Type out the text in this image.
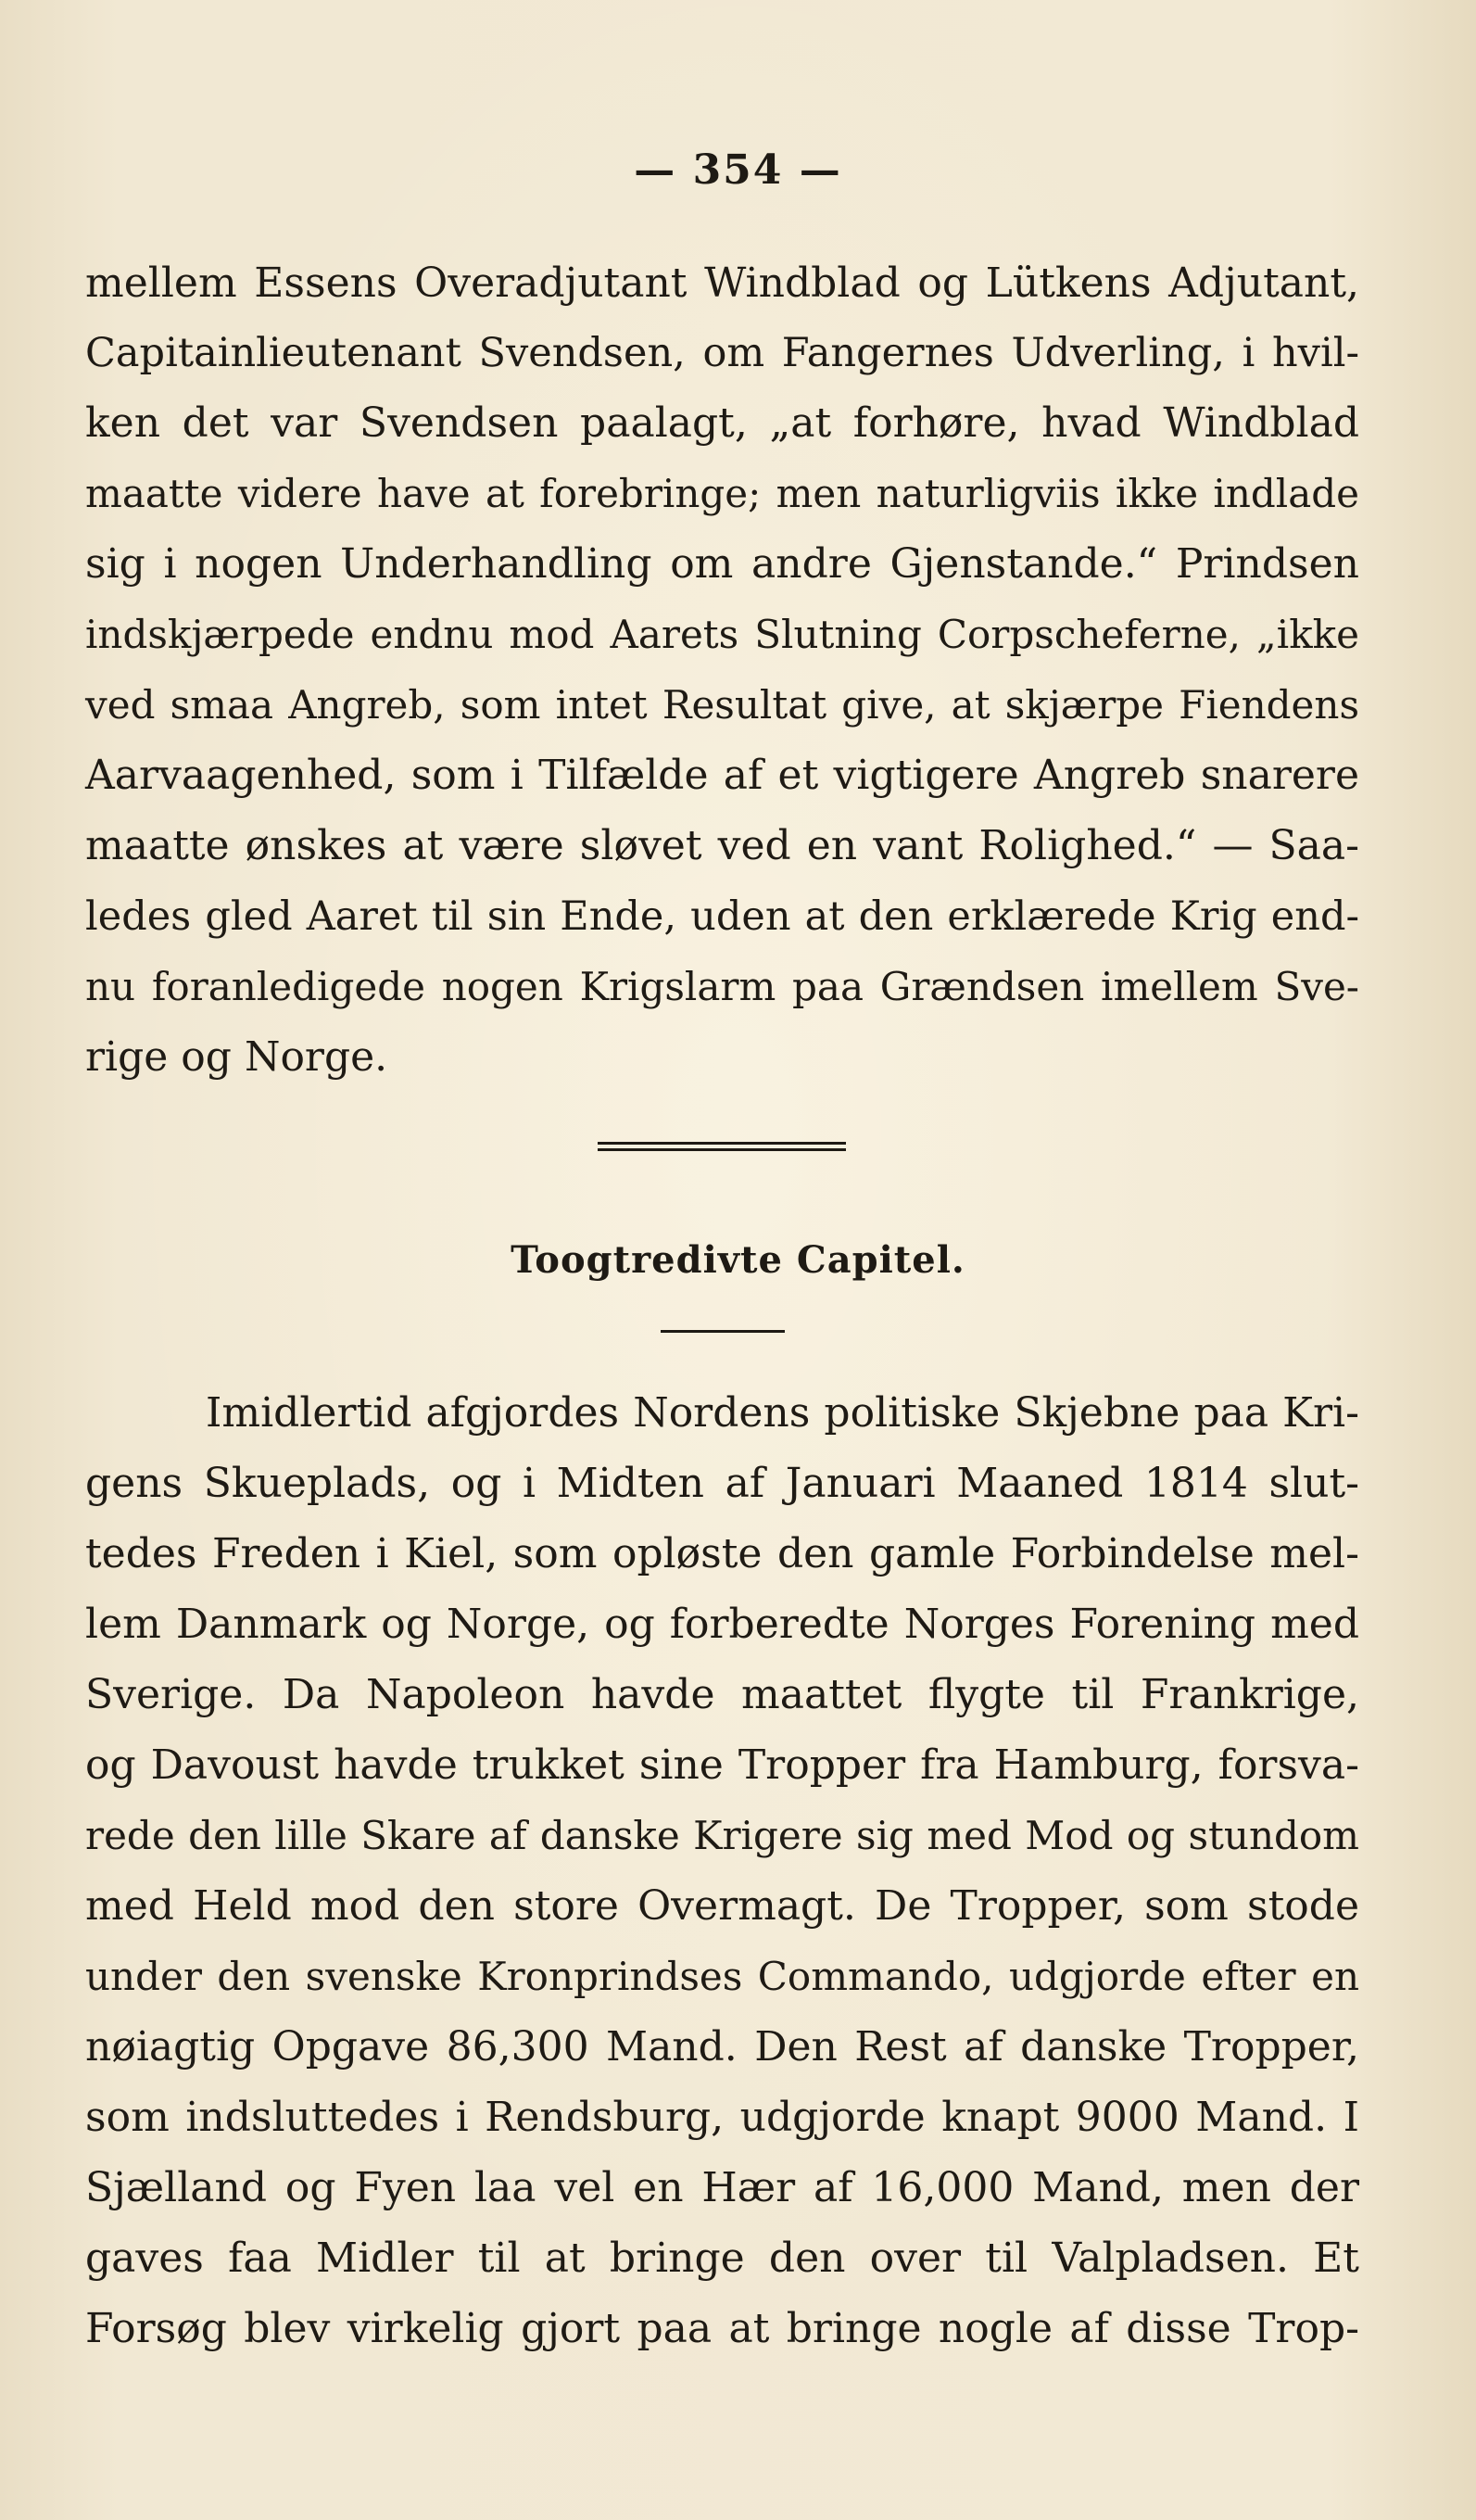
— 354 —
mellem Essens Overadjutant Windblad og Lütkens Adjutant,
Capitainlieutenant Svendsen, om Fangernes Udverling, i hvil-
ken det var Svendsen paalagt, „at forhøre, hvad Windblad
maatte videre have at forebringe; men naturligviis ikke indlade
sig i nogen Underhandling om andre Gjenstande.“ Prindsen
indskjærpede endnu mod Aarets Slutning Corpscheferne, „ikke
ved smaa Angreb, som intet Resultat give, at skjærpe Fiendens
Aarvaagenhed, som i Tilfælde af et vigtigere Angreb snarere
maatte ønskes at være sløvet ved en vant Rolighed.“ — Saa-
ledes gled Aaret til sin Ende, uden at den erklærede Krig end-
nu foranledigede nogen Krigslarm paa Grændsen imellem Sve-
rige og Norge.
Toogtredivte Capitel.
Imidlertid afgjordes Nordens politiske Skjebne paa Kri-
gens Skueplads, og i Midten af Januari Maaned 1814 slut-
tedes Freden i Kiel, som opløste den gamle Forbindelse mel-
lem Danmark og Norge, og forberedte Norges Forening med
Sverige. Da Napoleon havde maattet flygte til Frankrige,
og Davoust havde trukket sine Tropper fra Hamburg, forsva-
rede den lille Skare af danske Krigere sig med Mod og stundom
med Held mod den store Overmagt. De Tropper, som stode
under den svenske Kronprindses Commando, udgjorde efter en
nøiagtig Opgave 86,300 Mand. Den Rest af danske Tropper,
som indsluttedes i Rendsburg, udgjorde knapt 9000 Mand. I
Sjælland og Fyen laa vel en Hær af 16,000 Mand, men der
gaves faa Midler til at bringe den over til Valpladsen. Et
Forsøg blev virkelig gjort paa at bringe nogle af disse Trop-
